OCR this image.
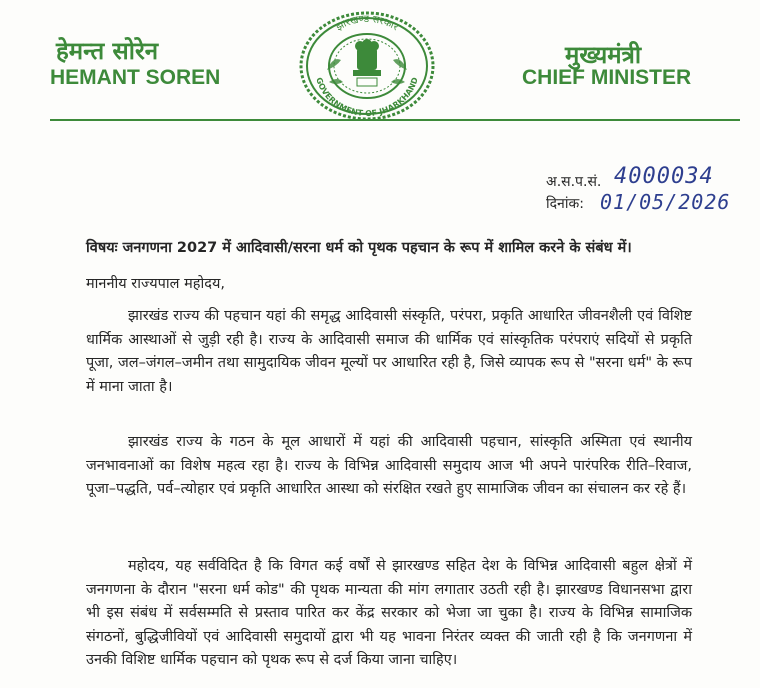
हेमन्त सोरेन
HEMANT SOREN
झारखण्ड सरकार
GOVERNMENT OF JHARKHAND
मुख्यमंत्री
CHIEF MINISTER
अ.स.प.सं. 4000034
दिनांक: 01/05/2026
विषयः जनगणना 2027 में आदिवासी/सरना धर्म को पृथक पहचान के रूप में शामिल करने के संबंध में।
माननीय राज्यपाल महोदय,
झारखंड राज्य की पहचान यहां की समृद्ध आदिवासी संस्कृति, परंपरा, प्रकृति आधारित जीवनशैली एवं विशिष्ट धार्मिक आस्थाओं से जुड़ी रही है। राज्य के आदिवासी समाज की धार्मिक एवं सांस्कृतिक परंपराएं सदियों से प्रकृति पूजा, जल–जंगल–जमीन तथा सामुदायिक जीवन मूल्यों पर आधारित रही है, जिसे व्यापक रूप से "सरना धर्म" के रूप में माना जाता है।
झारखंड राज्य के गठन के मूल आधारों में यहां की आदिवासी पहचान, सांस्कृति अस्मिता एवं स्थानीय जनभावनाओं का विशेष महत्व रहा है। राज्य के विभिन्न आदिवासी समुदाय आज भी अपने पारंपरिक रीति–रिवाज, पूजा–पद्धति, पर्व–त्योहार एवं प्रकृति आधारित आस्था को संरक्षित रखते हुए सामाजिक जीवन का संचालन कर रहे हैं।
महोदय, यह सर्वविदित है कि विगत कई वर्षों से झारखण्ड सहित देश के विभिन्न आदिवासी बहुल क्षेत्रों में जनगणना के दौरान "सरना धर्म कोड" की पृथक मान्यता की मांग लगातार उठती रही है। झारखण्ड विधानसभा द्वारा भी इस संबंध में सर्वसम्मति से प्रस्ताव पारित कर केंद्र सरकार को भेजा जा चुका है। राज्य के विभिन्न सामाजिक संगठनों, बुद्धिजीवियों एवं आदिवासी समुदायों द्वारा भी यह भावना निरंतर व्यक्त की जाती रही है कि जनगणना में उनकी विशिष्ट धार्मिक पहचान को पृथक रूप से दर्ज किया जाना चाहिए।
